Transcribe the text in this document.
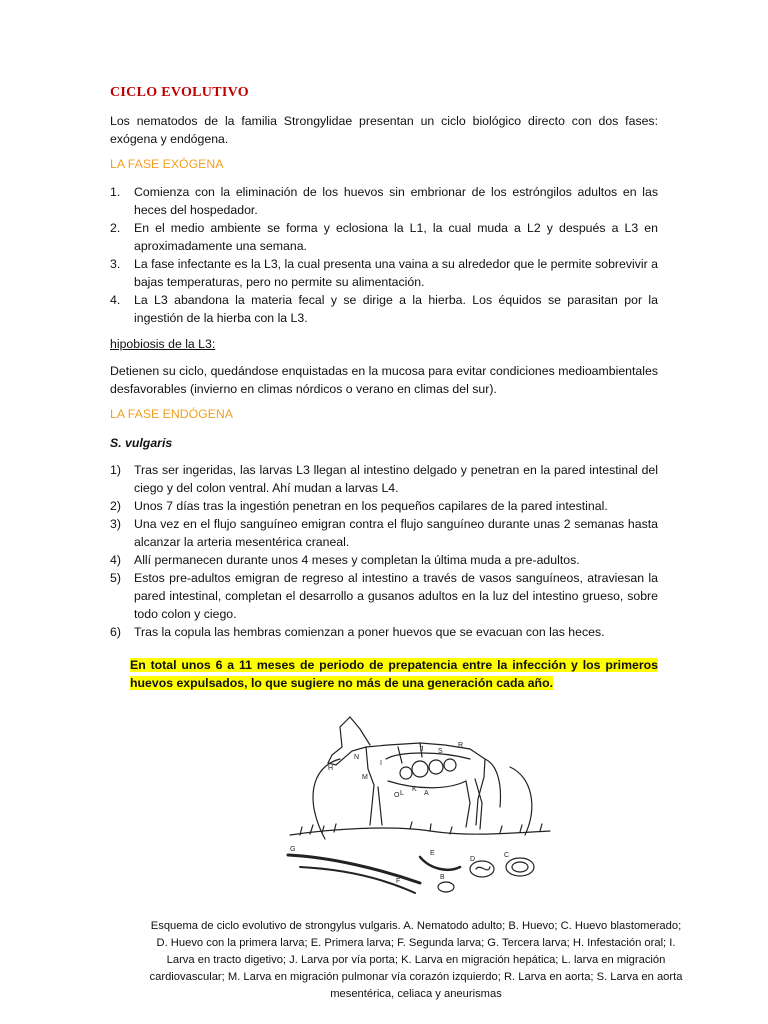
CICLO EVOLUTIVO
Los nematodos de la familia Strongylidae presentan un ciclo biológico directo con dos fases: exógena y endógena.
LA FASE EXÓGENA
1. Comienza con la eliminación de los huevos sin embrionar de los estróngilos adultos en las heces del hospedador.
2. En el medio ambiente se forma y eclosiona la L1, la cual muda a L2 y después a L3 en aproximadamente una semana.
3. La fase infectante es la L3, la cual presenta una vaina a su alrededor que le permite sobrevivir a bajas temperaturas, pero no permite su alimentación.
4. La L3 abandona la materia fecal y se dirige a la hierba. Los équidos se parasitan por la ingestión de la hierba con la L3.
hipobiosis de la L3:
Detienen su ciclo, quedándose enquistadas en la mucosa para evitar condiciones medioambientales desfavorables (invierno en climas nórdicos o verano en climas del sur).
LA FASE ENDÓGENA
S. vulgaris
1) Tras ser ingeridas, las larvas L3 llegan al intestino delgado y penetran en la pared intestinal del ciego y del colon ventral. Ahí mudan a larvas L4.
2) Unos 7 días tras la ingestión penetran en los pequeños capilares de la pared intestinal.
3) Una vez en el flujo sanguíneo emigran contra el flujo sanguíneo durante unas 2 semanas hasta alcanzar la arteria mesentérica craneal.
4) Allí permanecen durante unos 4 meses y completan la última muda a pre-adultos.
5) Estos pre-adultos emigran de regreso al intestino a través de vasos sanguíneos, atraviesan la pared intestinal, completan el desarrollo a gusanos adultos en la luz del intestino grueso, sobre todo colon y ciego.
6) Tras la copula las hembras comienzan a poner huevos que se evacuan con las heces.
En total unos 6 a 11 meses de periodo de prepatencia entre la infección y los primeros huevos expulsados, lo que sugiere no más de una generación cada año.
H
I
J
K
L
M
N
R
S
O	A
G
F
E
D
C
B
Esquema de ciclo evolutivo de strongylus vulgaris. A. Nematodo adulto; B. Huevo; C. Huevo blastomerado; D. Huevo con la primera larva; E. Primera larva; F. Segunda larva; G. Tercera larva; H. Infestación oral; I. Larva en tracto digetivo; J. Larva por vía porta; K. Larva en migración hepática; L. larva en migración cardiovascular; M. Larva en migración pulmonar vía corazón izquierdo; R. Larva en aorta; S. Larva en aorta mesentérica, celiaca y aneurismas
